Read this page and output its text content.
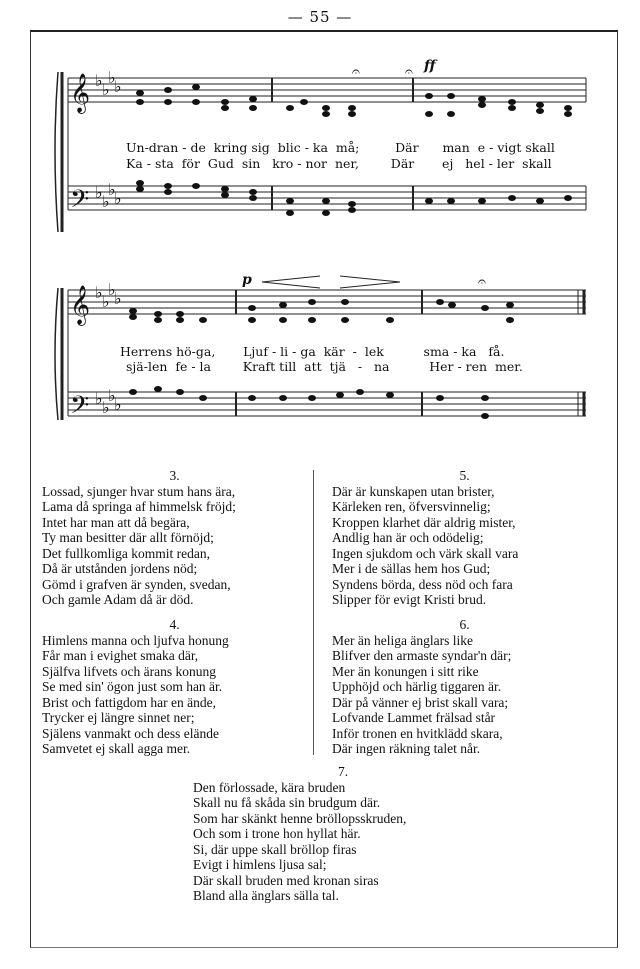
— 55 —
𝄞
𝄢
𝄞
𝄢
♭ ♭
♭
♭
♭ ♭
♭
♭
♭ ♭
♭
♭
♭ ♭
♭
♭
ff
p
𝄐	𝄐
𝄐
Un-dran - de  kring sig  blic - ka  må;         Där      man  e - vigt skall
Ka - sta  för  Gud  sin   kro - nor  ner,        Där       ej   hel - ler  skall
Herrens hö-ga,       Ljuf - li - ga  kär  -  lek          sma - ka   få.
sjä-len  fe - la        Kraft till  att  tjä   -   na          Her - ren  mer.
3.
Lossad, sjunger hvar stum hans ära,
Lama då springa af himmelsk fröjd;
Intet har man att då begära,
Ty man besitter där allt förnöjd;
Det fullkomliga kommit redan,
Då är utstånden jordens nöd;
Gömd i grafven är synden, svedan,
Och gamle Adam då är död.
5.
Där är kunskapen utan brister,
Kärleken ren, öfversvinnelig;
Kroppen klarhet där aldrig mister,
Andlig han är och odödelig;
Ingen sjukdom och värk skall vara
Mer i de sällas hem hos Gud;
Syndens börda, dess nöd och fara
Slipper för evigt Kristi brud.
4.
Himlens manna och ljufva honung
Får man i evighet smaka där,
Själfva lifvets och ärans konung
Se med sin' ögon just som han är.
Brist och fattigdom har en ände,
Trycker ej längre sinnet ner;
Själens vanmakt och dess elände
Samvetet ej skall agga mer.
6.
Mer än heliga änglars like
Blifver den armaste syndar'n där;
Mer än konungen i sitt rike
Upphöjd och härlig tiggaren är.
Där på vänner ej brist skall vara;
Lofvande Lammet frälsad står
Inför tronen en hvitklädd skara,
Där ingen räkning talet når.
7.
Den förlossade, kära bruden
Skall nu få skåda sin brudgum där.
Som har skänkt henne bröllopsskruden,
Och som i trone hon hyllat här.
Si, där uppe skall bröllop firas
Evigt i himlens ljusa sal;
Där skall bruden med kronan siras
Bland alla änglars sälla tal.
